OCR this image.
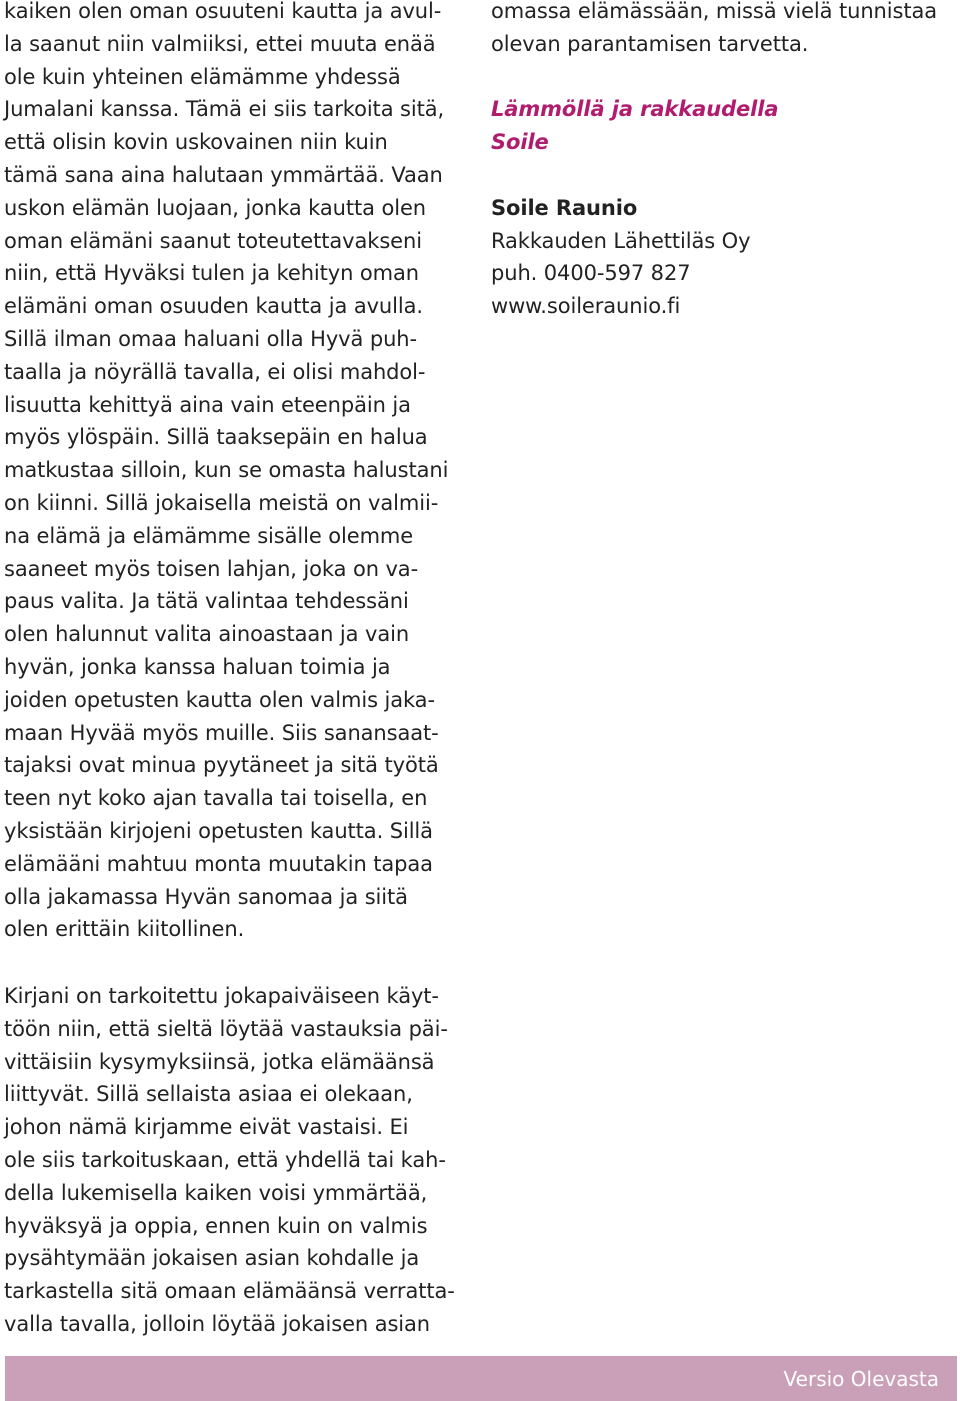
kaiken olen oman osuuteni kautta ja avul-
la saanut niin valmiiksi, ettei muuta enää
ole kuin yhteinen elämämme yhdessä
Jumalani kanssa. Tämä ei siis tarkoita sitä,
että olisin kovin uskovainen niin kuin
tämä sana aina halutaan ymmärtää. Vaan
uskon elämän luojaan, jonka kautta olen
oman elämäni saanut toteutettavakseni
niin, että Hyväksi tulen ja kehityn oman
elämäni oman osuuden kautta ja avulla.
Sillä ilman omaa haluani olla Hyvä puh-
taalla ja nöyrällä tavalla, ei olisi mahdol-
lisuutta kehittyä aina vain eteenpäin ja
myös ylöspäin. Sillä taaksepäin en halua
matkustaa silloin, kun se omasta halustani
on kiinni. Sillä jokaisella meistä on valmii-
na elämä ja elämämme sisälle olemme
saaneet myös toisen lahjan, joka on va-
paus valita. Ja tätä valintaa tehdessäni
olen halunnut valita ainoastaan ja vain
hyvän, jonka kanssa haluan toimia ja
joiden opetusten kautta olen valmis jaka-
maan Hyvää myös muille. Siis sanansaat-
tajaksi ovat minua pyytäneet ja sitä työtä
teen nyt koko ajan tavalla tai toisella, en
yksistään kirjojeni opetusten kautta. Sillä
elämääni mahtuu monta muutakin tapaa
olla jakamassa Hyvän sanomaa ja siitä
olen erittäin kiitollinen.
Kirjani on tarkoitettu jokapaiväiseen käyt-
töön niin, että sieltä löytää vastauksia päi-
vittäisiin kysymyksiinsä, jotka elämäänsä
liittyvät. Sillä sellaista asiaa ei olekaan,
johon nämä kirjamme eivät vastaisi. Ei
ole siis tarkoituskaan, että yhdellä tai kah-
della lukemisella kaiken voisi ymmärtää,
hyväksyä ja oppia, ennen kuin on valmis
pysähtymään jokaisen asian kohdalle ja
tarkastella sitä omaan elämäänsä verratta-
valla tavalla, jolloin löytää jokaisen asian
omassa elämässään, missä vielä tunnistaa
olevan parantamisen tarvetta.
Lämmöllä ja rakkaudella
Soile
Soile Raunio
Rakkauden Lähettiläs Oy
puh. 0400-597 827
www.soileraunio.fi
Versio Olevasta
